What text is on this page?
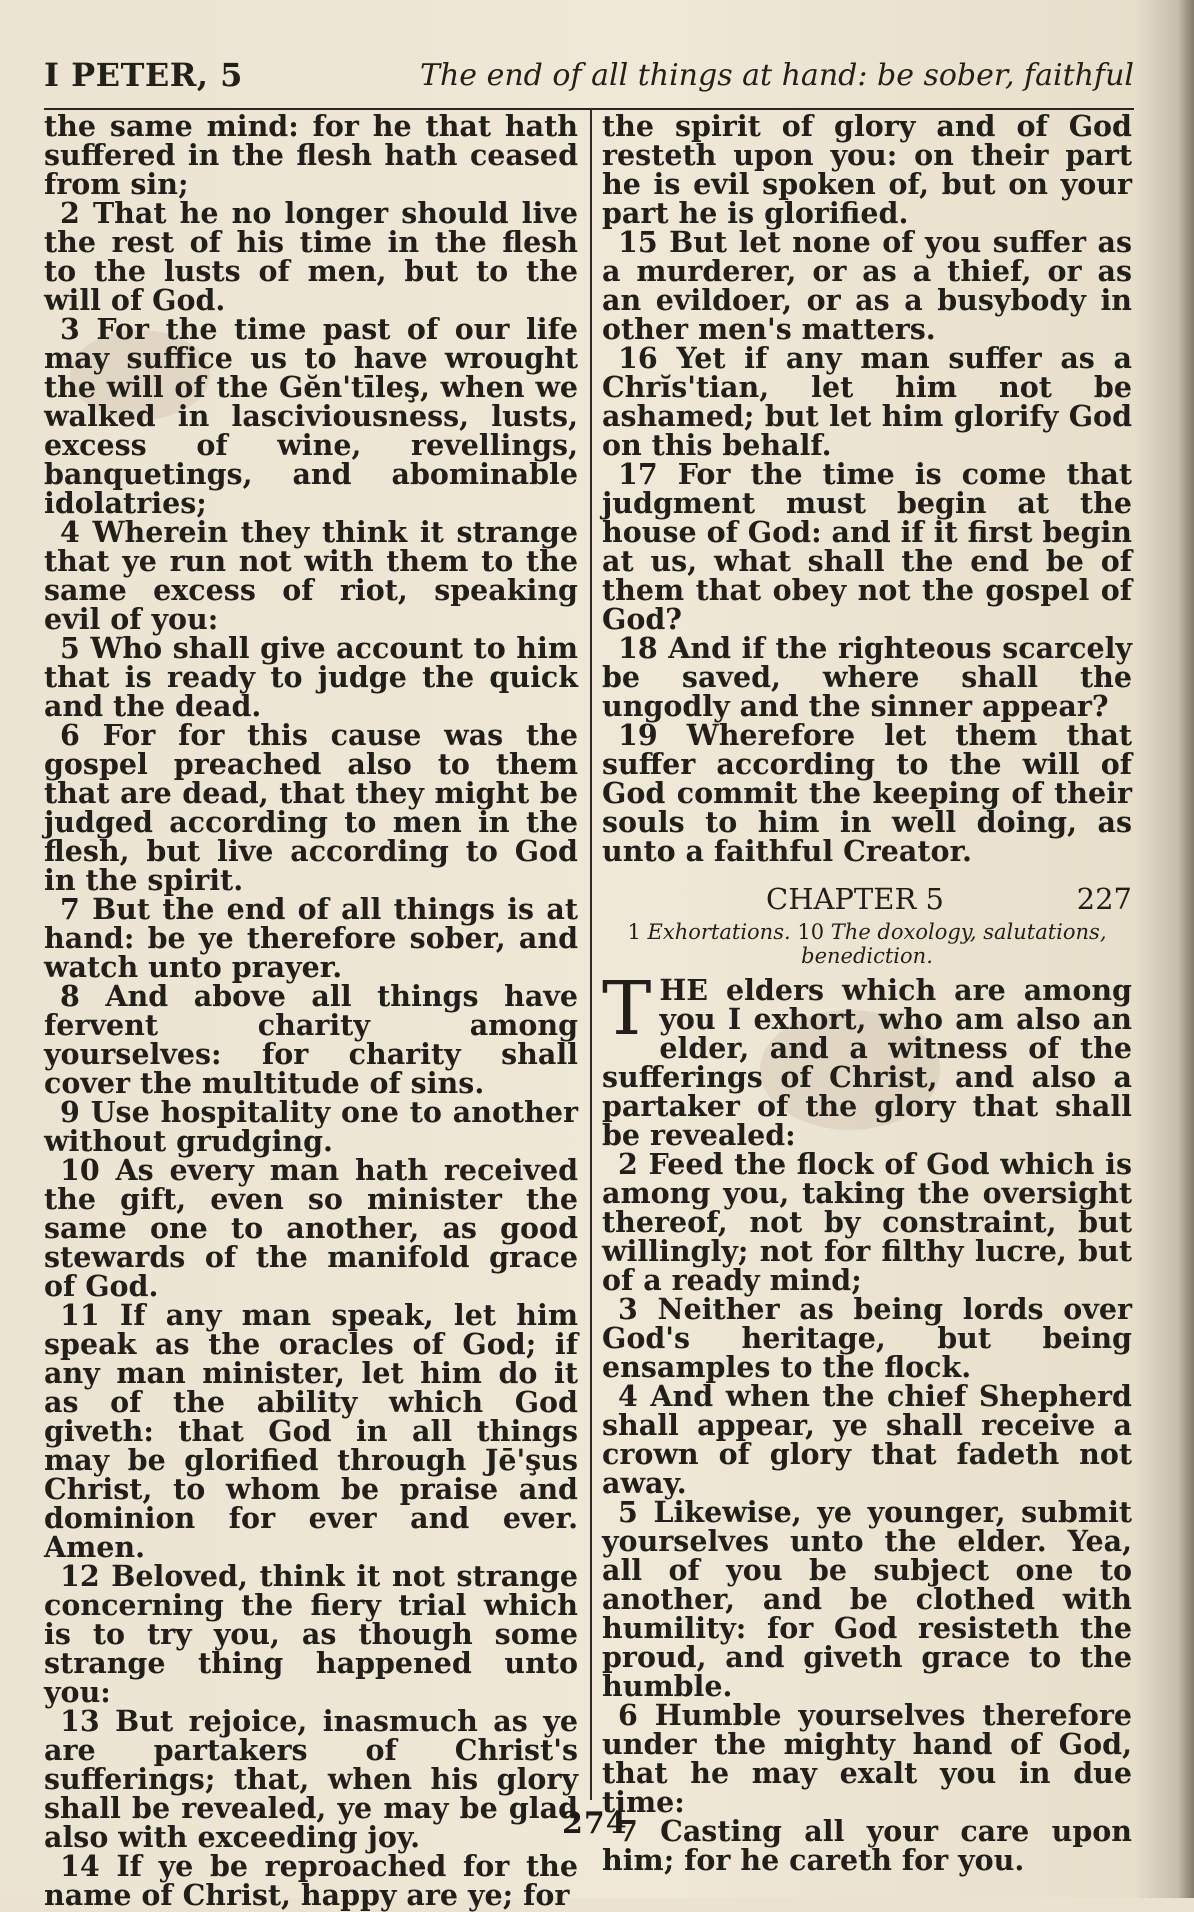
I PETER, 5	The end of all things at hand: be sober, faithful

the same mind: for he that hath suffered in the flesh hath ceased from sin;

2 That he no longer should live the rest of his time in the flesh to the lusts of men, but to the will of God.

3 For the time past of our life may suffice us to have wrought the will of the Gĕn'tīleş, when we walked in lasciviousness, lusts, excess of wine, revellings, banquetings, and abominable idolatries;

4 Wherein they think it strange that ye run not with them to the same excess of riot, speaking evil of you:

5 Who shall give account to him that is ready to judge the quick and the dead.

6 For for this cause was the gospel preached also to them that are dead, that they might be judged according to men in the flesh, but live according to God in the spirit.

7 But the end of all things is at hand: be ye therefore sober, and watch unto prayer.

8 And above all things have fervent charity among yourselves: for charity shall cover the multitude of sins.

9 Use hospitality one to another without grudging.

10 As every man hath received the gift, even so minister the same one to another, as good stewards of the manifold grace of God.

11 If any man speak, let him speak as the oracles of God; if any man minister, let him do it as of the ability which God giveth: that God in all things may be glorified through Jē'şus Christ, to whom be praise and dominion for ever and ever. Amen.

12 Beloved, think it not strange concerning the fiery trial which is to try you, as though some strange thing happened unto you:

13 But rejoice, inasmuch as ye are partakers of Christ's sufferings; that, when his glory shall be revealed, ye may be glad also with exceeding joy.

14 If ye be reproached for the name of Christ, happy are ye; for

the spirit of glory and of God resteth upon you: on their part he is evil spoken of, but on your part he is glorified.

15 But let none of you suffer as a murderer, or as a thief, or as an evildoer, or as a busybody in other men's matters.

16 Yet if any man suffer as a Chrĭs'tian, let him not be ashamed; but let him glorify God on this behalf.

17 For the time is come that judgment must begin at the house of God: and if it first begin at us, what shall the end be of them that obey not the gospel of God?

18 And if the righteous scarcely be saved, where shall the ungodly and the sinner appear?

19 Wherefore let them that suffer according to the will of God commit the keeping of their souls to him in well doing, as unto a faithful Creator.

CHAPTER 5	227
1 Exhortations. 10 The doxology, salutations, benediction.

T HE elders which are among you I exhort, who am also an elder, and a witness of the sufferings of Christ, and also a partaker of the glory that shall be revealed:

2 Feed the flock of God which is among you, taking the oversight thereof, not by constraint, but willingly; not for filthy lucre, but of a ready mind;

3 Neither as being lords over God's heritage, but being ensamples to the flock.

4 And when the chief Shepherd shall appear, ye shall receive a crown of glory that fadeth not away.

5 Likewise, ye younger, submit yourselves unto the elder. Yea, all of you be subject one to another, and be clothed with humility: for God resisteth the proud, and giveth grace to the humble.

6 Humble yourselves therefore under the mighty hand of God, that he may exalt you in due time:

7 Casting all your care upon him; for he careth for you.

274
